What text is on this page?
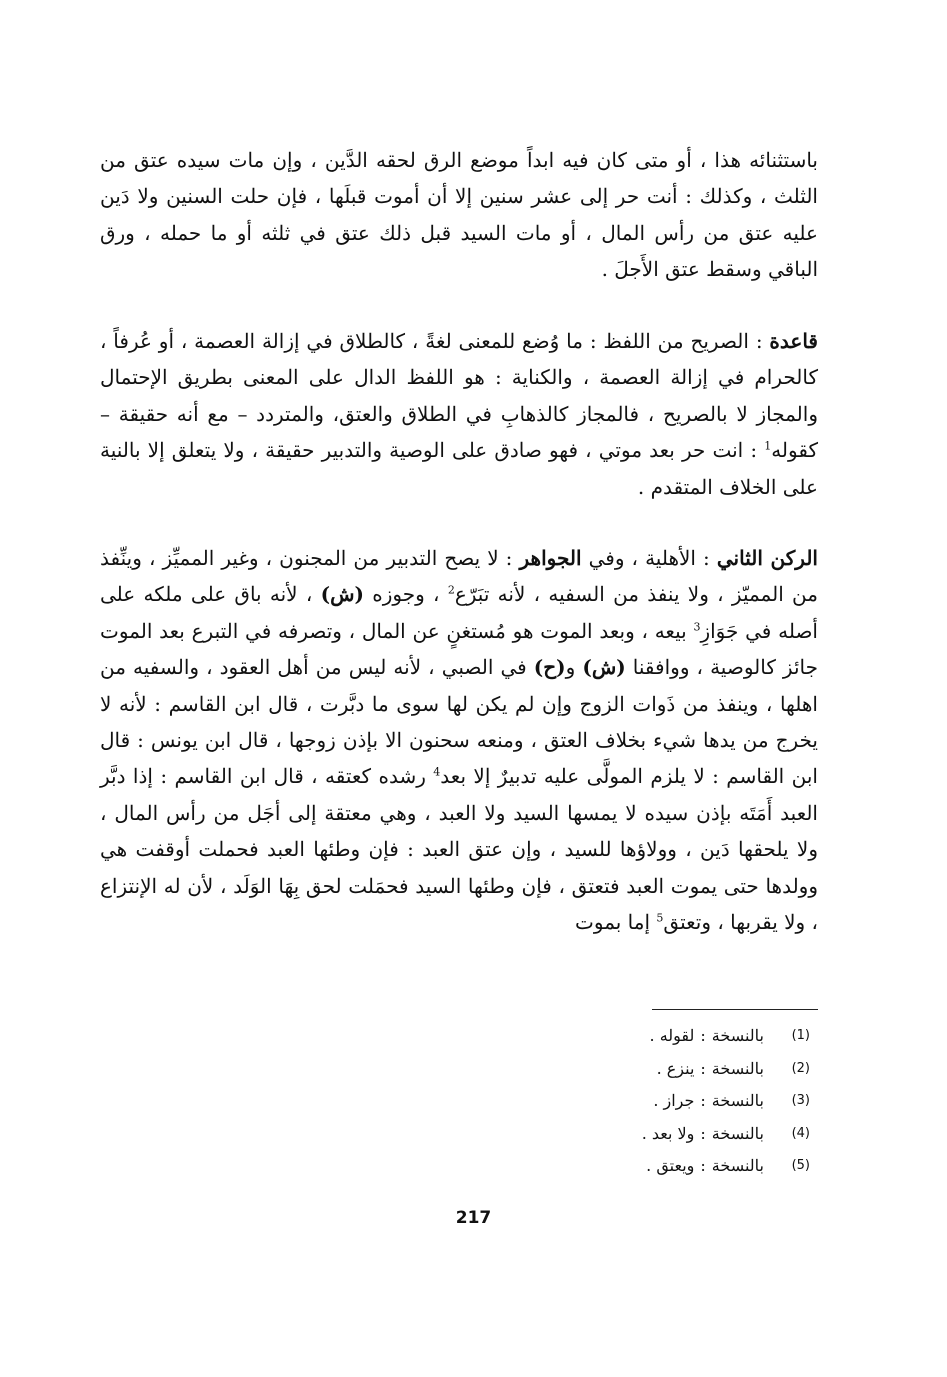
باستثنائه هذا ، أو متى كان فيه ابداً موضع الرق لحقه الدَّين ، وإن مات سيده عتق من الثلث ، وكذلك : أنت حر إلى عشر سنين إلا أن أموت قبلَها ، فإن حلت السنين ولا دَين عليه عتق من رأس المال ، أو مات السيد قبل ذلك عتق في ثلثه أو ما حمله ، ورق الباقي وسقط عتق الأَجلَ .

قاعدة : الصريح من اللفظ : ما وُضع للمعنى لغةً ، كالطلاق في إزالة العصمة ، أو عُرفاً ، كالحرام في إزالة العصمة ، والكناية : هو اللفظ الدال على المعنى بطريق الإحتمال والمجاز لا بالصريح ، فالمجاز كالذهابِ في الطلاق والعتق، والمتردد – مع أنه حقيقة – كقوله$^1$ : انت حر بعد موتي ، فهو صادق على الوصية والتدبير حقيقة ، ولا يتعلق إلا بالنية على الخلاف المتقدم .

الركن الثاني : الأهلية ، وفي الجواهر : لا يصح التدبير من المجنون ، وغير المميِّز ، وينِّفذ من المميّز ، ولا ينفذ من السفيه ، لأنه تبَرّع$^2$ ، وجوزه (ش) ، لأنه باق على ملكه على أصله في جَوَازِ$^3$ بيعه ، وبعد الموت هو مُستغنٍ عن المال ، وتصرفه في التبرع بعد الموت جائز كالوصية ، ووافقنا (ش) و(ح) في الصبي ، لأنه ليس من أهل العقود ، والسفيه من اهلها ، وينفذ من ذَوات الزوج وإن لم يكن لها سوى ما دبَّرت ، قال ابن القاسم : لأنه لا يخرج من يدها شيء بخلاف العتق ، ومنعه سحنون الا بإذن زوجها ، قال ابن يونس : قال ابن القاسم : لا يلزم المولَّى عليه تدبيرٌ إلا بعد$^4$ رشده كعتقه ، قال ابن القاسم : إذا دبَّر العبد أَمَتَه بإذن سيده لا يمسها السيد ولا العبد ، وهي معتقة إلى أجَل من رأس المال ، ولا يلحقها دَين ، وولاؤها للسيد ، وإن عتق العبد : فإن وطئها العبد فحملت أوقفت هي وولدها حتى يموت العبد فتعتق ، فإن وطئها السيد فحمَلت لحق بِهَا الوَلَد ، لأن له الإنتزاع ، ولا يقربها ، وتعتق$^5$ إما بموت

(1)
بالنسخة
:
لقوله .
(2)
بالنسخة
:
ينزع .
(3)
بالنسخة
:
جراز .
(4)
بالنسخة
:
ولا بعد .
(5)
بالنسخة
:
ويعتق .
217
